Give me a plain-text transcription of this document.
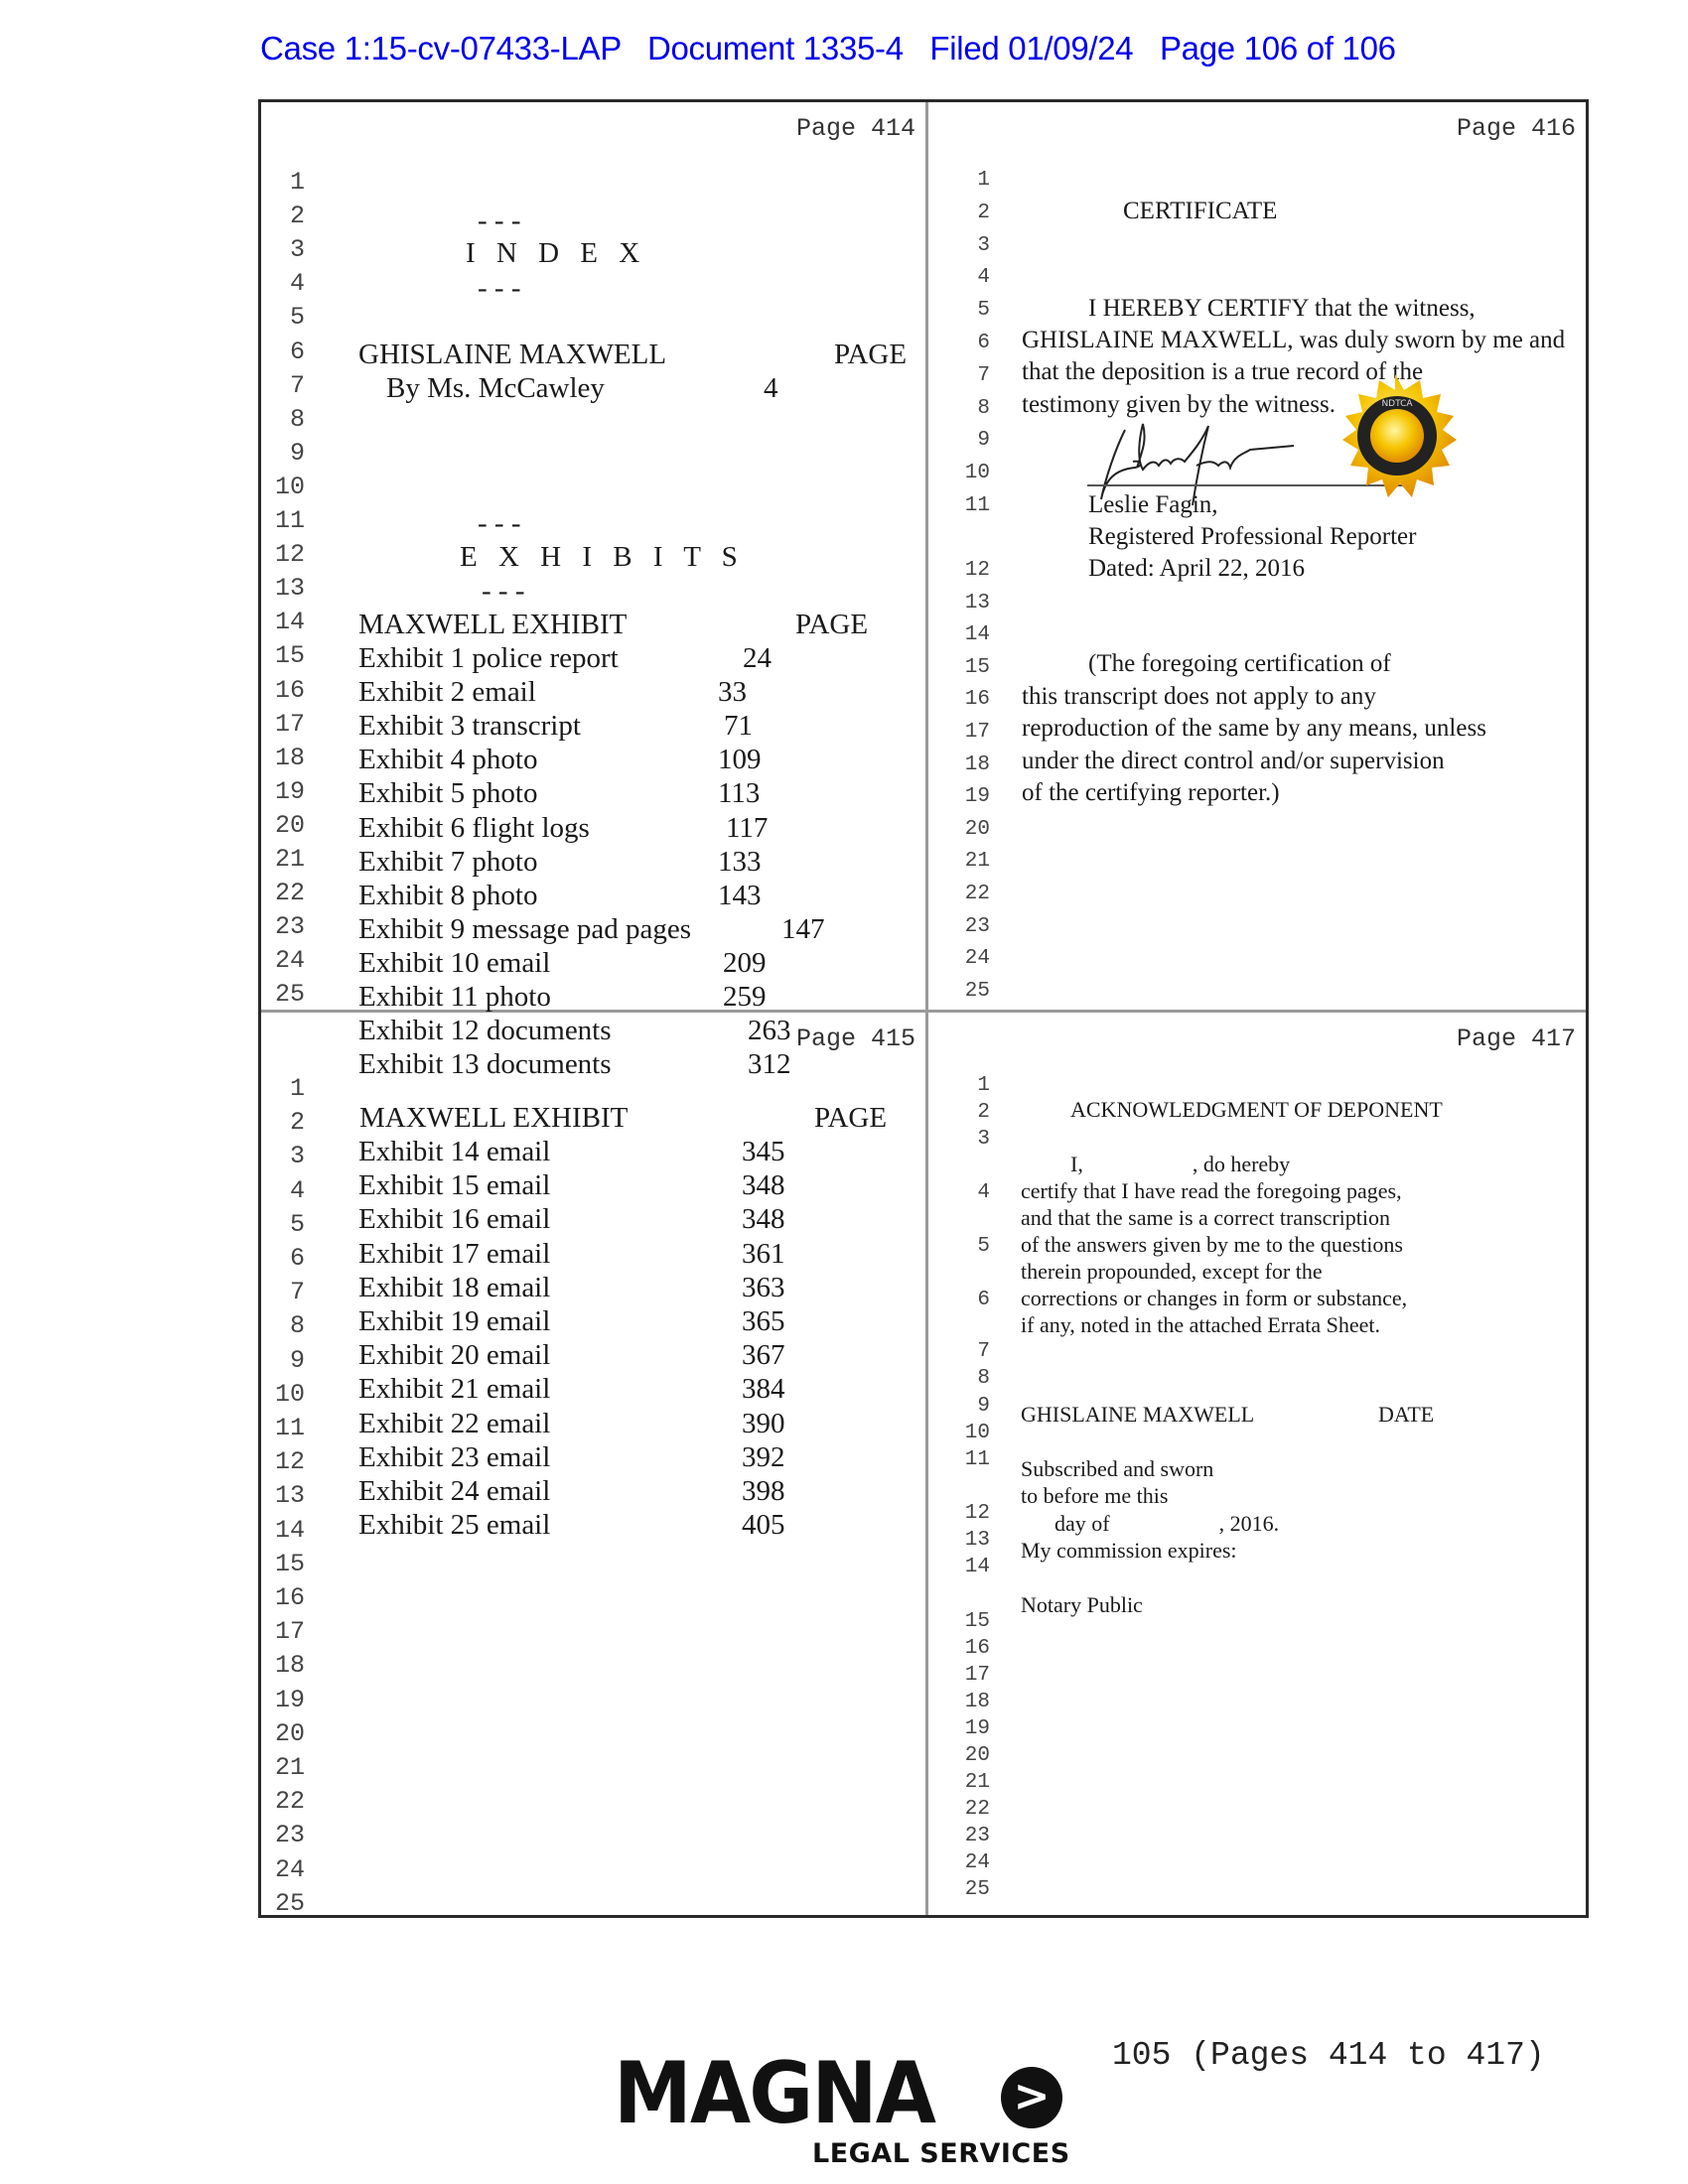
Case 1:15-cv-07433-LAP Document 1335-4 Filed 01/09/24 Page 106 of 106
Page 414
- - -
I N D E X
- - -
GHISLAINE MAXWELL	PAGE
By Ms. McCawley	4
- - -
E X H I B I T S
- - -
MAXWELL EXHIBIT	PAGE
1
2
3
4
5
6
7
8
9
10
11
12
13
14
15
16
17
18
19
20
21
22
23
24
25
Exhibit 1 police report	24
Exhibit 2 email	33
Exhibit 3 transcript	71
Exhibit 4 photo	109
Exhibit 5 photo	113
Exhibit 6 flight logs	117
Exhibit 7 photo	133
Exhibit 8 photo	143
Exhibit 9 message pad pages	147
Exhibit 10 email	209
Exhibit 11 photo	259
Exhibit 12 documents	263
Exhibit 13 documents	312
Page 416
CERTIFICATE
I HEREBY CERTIFY that the witness,
GHISLAINE MAXWELL, was duly sworn by me and
that the deposition is a true record of the
testimony given by the witness.	NDTCA
Leslie Fagin,
Registered Professional Reporter
Dated: April 22, 2016
(The foregoing certification of
this transcript does not apply to any
reproduction of the same by any means, unless
under the direct control and/or supervision
of the certifying reporter.)
1
2
3
4
5
6
7
8
9
10
11
12
13
14
15
16
17
18
19
20
21
22
23
24
25
Page 415
MAXWELL EXHIBIT	PAGE
1
2
3
4
5
6
7
8
9
10
11
12
13
14
15
16
17
18
19
20
21
22
23
24
25
Exhibit 14 email	345
Exhibit 15 email	348
Exhibit 16 email	348
Exhibit 17 email	361
Exhibit 18 email	363
Exhibit 19 email	365
Exhibit 20 email	367
Exhibit 21 email	384
Exhibit 22 email	390
Exhibit 23 email	392
Exhibit 24 email	398
Exhibit 25 email	405
Page 417
ACKNOWLEDGMENT OF DEPONENT
I,                    , do hereby
certify that I have read the foregoing pages,
and that the same is a correct transcription
of the answers given by me to the questions
therein propounded, except for the
corrections or changes in form or substance,
if any, noted in the attached Errata Sheet.
GHISLAINE MAXWELL	DATE
Subscribed and sworn
to before me this
day of                    , 2016.
My commission expires:
Notary Public
1
2
3
4
5
6
7
8
9
10
11
12
13
14
15
16
17
18
19
20
21
22
23
24
25
MAGNA >
LEGAL SERVICES
105 (Pages 414 to 417)
